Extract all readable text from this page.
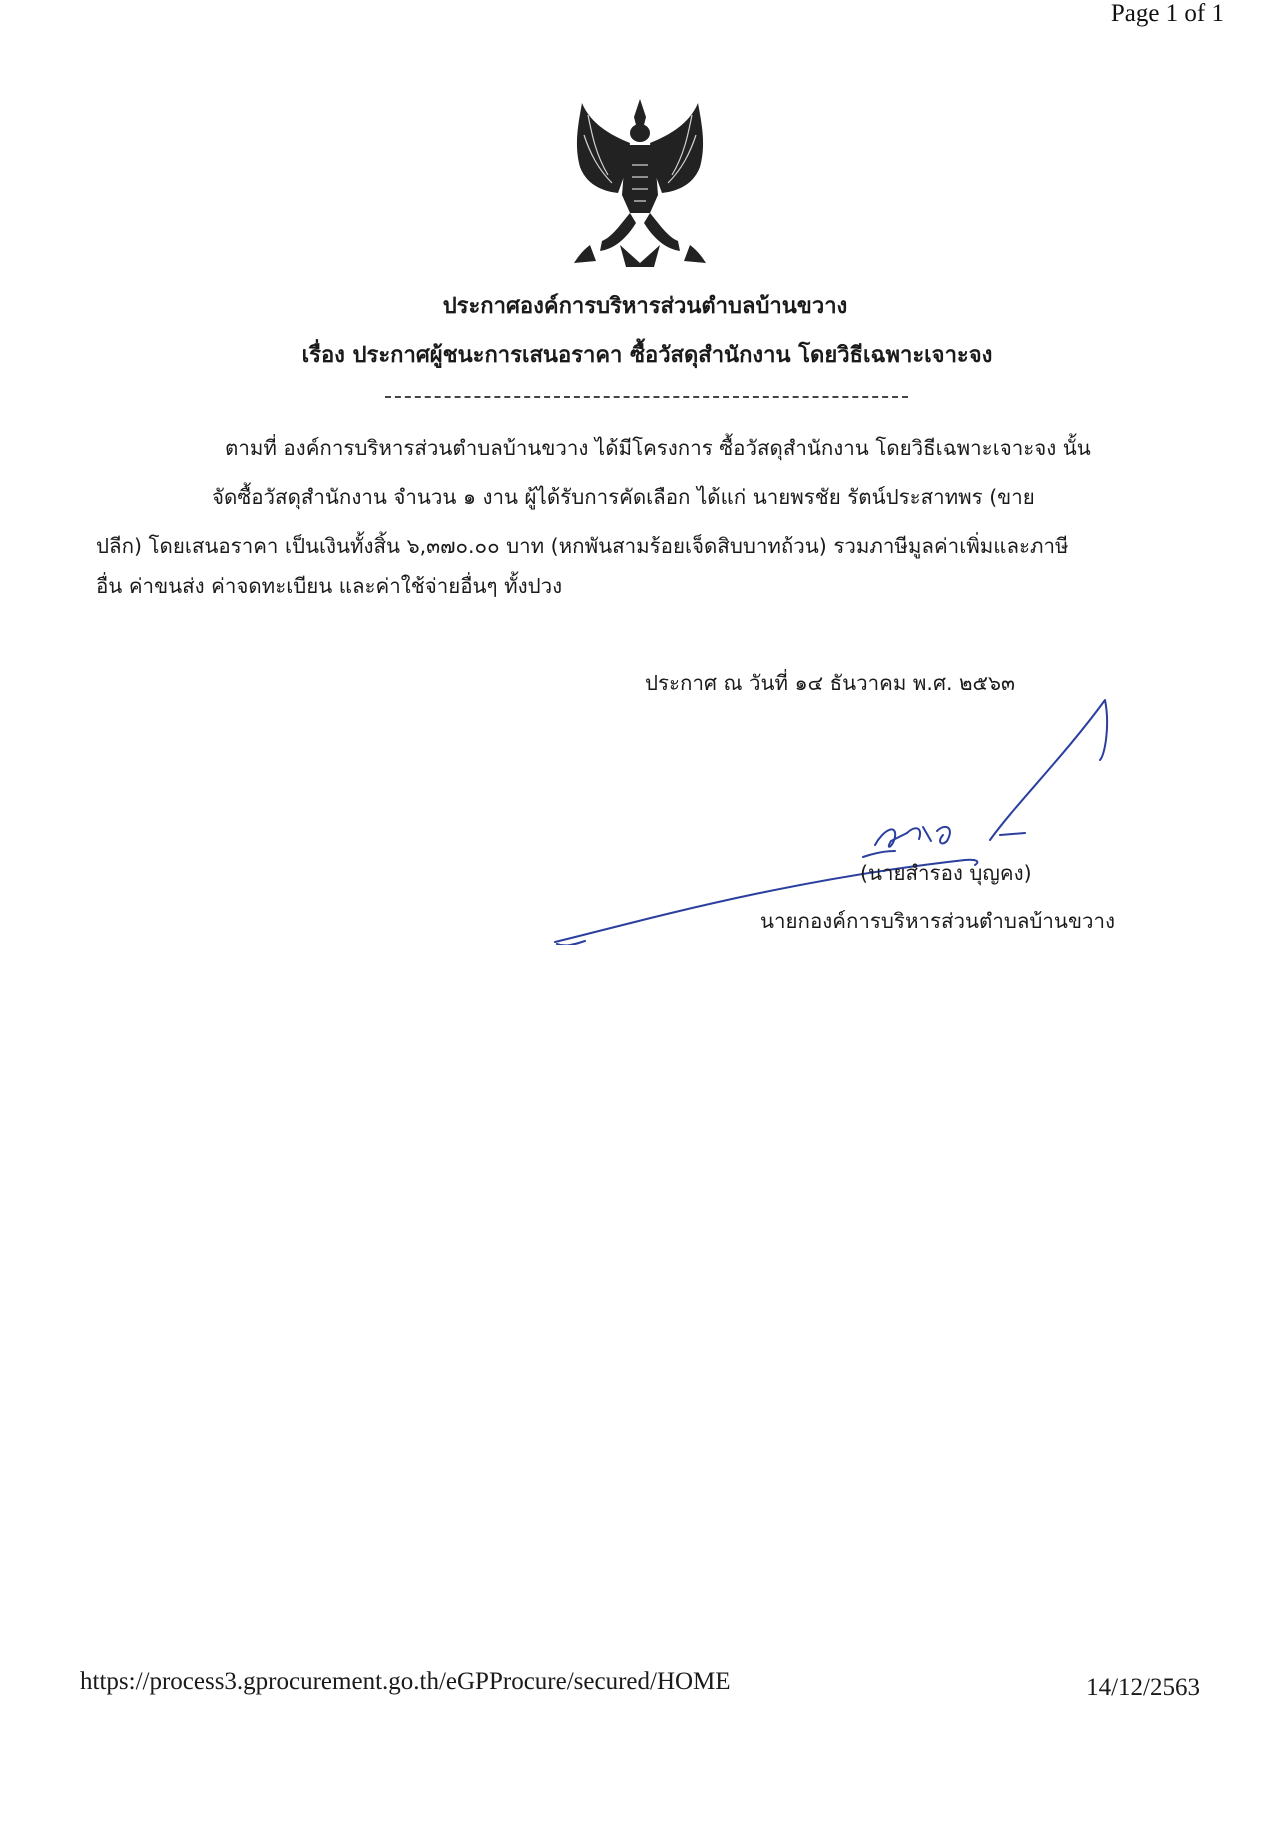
Page 1 of 1
ประกาศองค์การบริหารส่วนตำบลบ้านขวาง
เรื่อง ประกาศผู้ชนะการเสนอราคา ซื้อวัสดุสำนักงาน โดยวิธีเฉพาะเจาะจง
ตามที่ องค์การบริหารส่วนตำบลบ้านขวาง ได้มีโครงการ ซื้อวัสดุสำนักงาน โดยวิธีเฉพาะเจาะจง นั้น
จัดซื้อวัสดุสำนักงาน จำนวน ๑ งาน ผู้ได้รับการคัดเลือก ได้แก่ นายพรชัย รัตน์ประสาทพร (ขาย
ปลีก) โดยเสนอราคา เป็นเงินทั้งสิ้น ๖,๓๗๐.๐๐ บาท (หกพันสามร้อยเจ็ดสิบบาทถ้วน) รวมภาษีมูลค่าเพิ่มและภาษี
อื่น ค่าขนส่ง ค่าจดทะเบียน และค่าใช้จ่ายอื่นๆ ทั้งปวง
ประกาศ ณ วันที่ ๑๔ ธันวาคม พ.ศ. ๒๕๖๓
(นายสำรอง บุญคง)
นายกองค์การบริหารส่วนตำบลบ้านขวาง
https://process3.gprocurement.go.th/eGPProcure/secured/HOME	14/12/2563
